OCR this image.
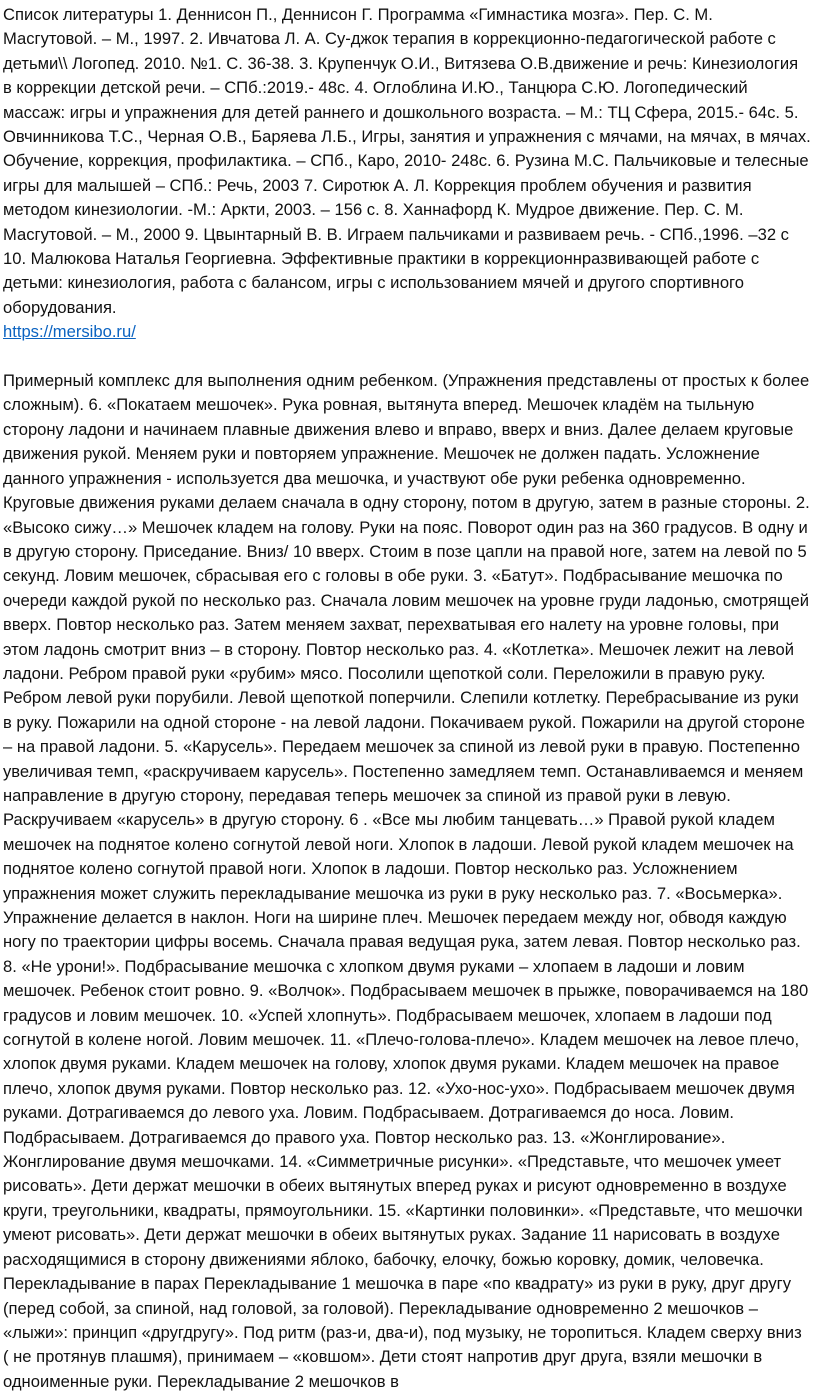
Список литературы 1. Деннисон П., Деннисон Г. Программа «Гимнастика мозга». Пер. С. М. Масгутовой. – М., 1997. 2. Ивчатова Л. А. Су-джок терапия в коррекционно-педагогической работе с детьми\\ Логопед. 2010. №1. С. 36-38. 3. Крупенчук О.И., Витязева О.В.движение и речь: Кинезиология в коррекции детской речи. – СПб.:2019.- 48с. 4. Оглоблина И.Ю., Танцюра С.Ю. Логопедический массаж: игры и упражнения для детей раннего и дошкольного возраста. – М.: ТЦ Сфера, 2015.- 64с. 5. Овчинникова Т.С., Черная О.В., Баряева Л.Б., Игры, занятия и упражнения с мячами, на мячах, в мячах. Обучение, коррекция, профилактика. – СПб., Каро, 2010- 248с. 6. Рузина М.С. Пальчиковые и телесные игры для малышей – СПб.: Речь, 2003 7. Сиротюк А. Л. Коррекция проблем обучения и развития методом кинезиологии. -М.: Аркти, 2003. – 156 с. 8. Ханнафорд К. Мудрое движение. Пер. С. М. Масгутовой. – М., 2000 9. Цвынтарный В. В. Играем пальчиками и развиваем речь. - СПб.,1996. –32 с 10. Малюкова Наталья Георгиевна. Эффективные практики в коррекционнразвивающей работе с детьми: кинезиология, работа с балансом, игры с использованием мячей и другого спортивного оборудования.

https://mersibo.ru/

Примерный комплекс для выполнения одним ребенком. (Упражнения представлены от простых к более сложным). 6. «Покатаем мешочек». Рука ровная, вытянута вперед. Мешочек кладём на тыльную сторону ладони и начинаем плавные движения влево и вправо, вверх и вниз. Далее делаем круговые движения рукой. Меняем руки и повторяем упражнение. Мешочек не должен падать. Усложнение данного упражнения - используется два мешочка, и участвуют обе руки ребенка одновременно. Круговые движения руками делаем сначала в одну сторону, потом в другую, затем в разные стороны. 2. «Высоко сижу…» Мешочек кладем на голову. Руки на пояс. Поворот один раз на 360 градусов. В одну и в другую сторону. Приседание. Вниз/ 10 вверх. Стоим в позе цапли на правой ноге, затем на левой по 5 секунд. Ловим мешочек, сбрасывая его с головы в обе руки. 3. «Батут». Подбрасывание мешочка по очереди каждой рукой по несколько раз. Сначала ловим мешочек на уровне груди ладонью, смотрящей вверх. Повтор несколько раз. Затем меняем захват, перехватывая его налету на уровне головы, при этом ладонь смотрит вниз – в сторону. Повтор несколько раз. 4. «Котлетка». Мешочек лежит на левой ладони. Ребром правой руки «рубим» мясо. Посолили щепоткой соли. Переложили в правую руку. Ребром левой руки порубили. Левой щепоткой поперчили. Слепили котлетку. Перебрасывание из руки в руку. Пожарили на одной стороне - на левой ладони. Покачиваем рукой. Пожарили на другой стороне – на правой ладони. 5. «Карусель». Передаем мешочек за спиной из левой руки в правую. Постепенно увеличивая темп, «раскручиваем карусель». Постепенно замедляем темп. Останавливаемся и меняем направление в другую сторону, передавая теперь мешочек за спиной из правой руки в левую. Раскручиваем «карусель» в другую сторону. 6 . «Все мы любим танцевать…» Правой рукой кладем мешочек на поднятое колено согнутой левой ноги. Хлопок в ладоши. Левой рукой кладем мешочек на поднятое колено согнутой правой ноги. Хлопок в ладоши. Повтор несколько раз. Усложнением упражнения может служить перекладывание мешочка из руки в руку несколько раз. 7. «Восьмерка». Упражнение делается в наклон. Ноги на ширине плеч. Мешочек передаем между ног, обводя каждую ногу по траектории цифры восемь. Сначала правая ведущая рука, затем левая. Повтор несколько раз. 8. «Не урони!». Подбрасывание мешочка с хлопком двумя руками – хлопаем в ладоши и ловим мешочек. Ребенок стоит ровно. 9. «Волчок». Подбрасываем мешочек в прыжке, поворачиваемся на 180 градусов и ловим мешочек. 10. «Успей хлопнуть». Подбрасываем мешочек, хлопаем в ладоши под согнутой в колене ногой. Ловим мешочек. 11. «Плечо-голова-плечо». Кладем мешочек на левое плечо, хлопок двумя руками. Кладем мешочек на голову, хлопок двумя руками. Кладем мешочек на правое плечо, хлопок двумя руками. Повтор несколько раз. 12. «Ухо-нос-ухо». Подбрасываем мешочек двумя руками. Дотрагиваемся до левого уха. Ловим. Подбрасываем. Дотрагиваемся до носа. Ловим. Подбрасываем. Дотрагиваемся до правого уха. Повтор несколько раз. 13. «Жонглирование». Жонглирование двумя мешочками. 14. «Симметричные рисунки». «Представьте, что мешочек умеет рисовать». Дети держат мешочки в обеих вытянутых вперед руках и рисуют одновременно в воздухе круги, треугольники, квадраты, прямоугольники. 15. «Картинки половинки». «Представьте, что мешочки умеют рисовать». Дети держат мешочки в обеих вытянутых руках. Задание 11 нарисовать в воздухе расходящимися в сторону движениями яблоко, бабочку, елочку, божью коровку, домик, человечка. Перекладывание в парах Перекладывание 1 мешочка в паре «по квадрату» из руки в руку, друг другу (перед собой, за спиной, над головой, за головой). Перекладывание одновременно 2 мешочков – «лыжи»: принцип «другдругу». Под ритм (раз-и, два-и), под музыку, не торопиться. Кладем сверху вниз ( не протянув плашмя), принимаем – «ковшом». Дети стоят напротив друг друга, взяли мешочки в одноименные руки. Перекладывание 2 мешочков в
